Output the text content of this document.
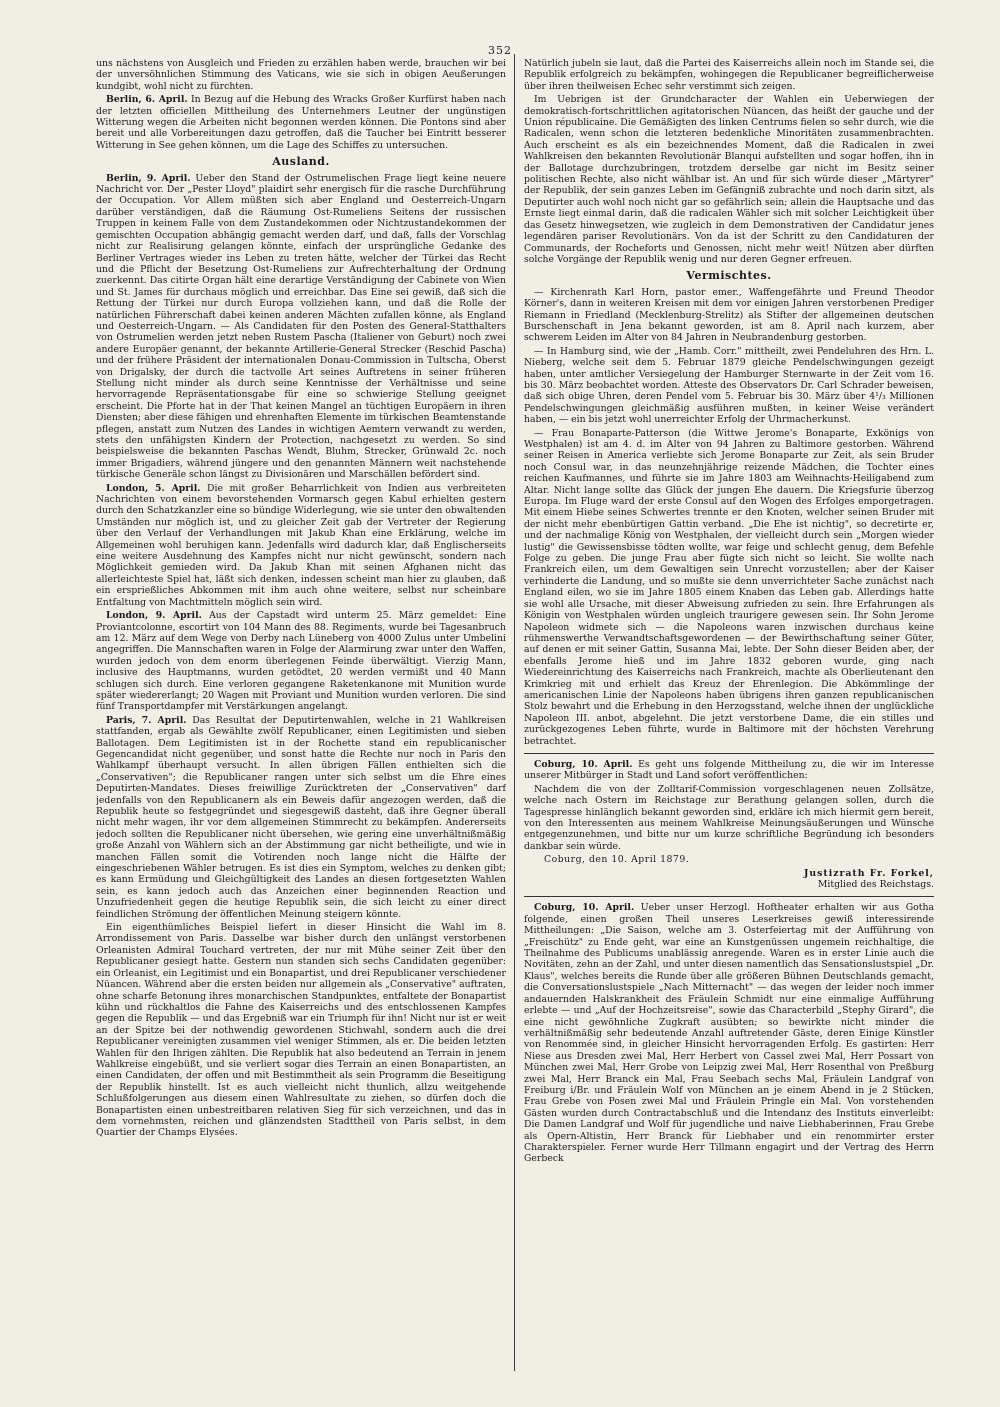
352

uns nächstens von Ausgleich und Frieden zu erzählen haben werde, brauchen wir bei der unversöhnlichen Stimmung des Vaticans, wie sie sich in obigen Aeußerungen kundgibt, wohl nicht zu fürchten.

Berlin, 6. April. In Bezug auf die Hebung des Wracks Großer Kurfürst haben nach der letzten officiellen Mittheilung des Unternehmers Leutner der ungünstigen Witterung wegen die Arbeiten nicht begonnen werden können. Die Pontons sind aber bereit und alle Vorbereitungen dazu getroffen, daß die Taucher bei Eintritt besserer Witterung in See gehen können, um die Lage des Schiffes zu untersuchen.

Ausland.

Berlin, 9. April. Ueber den Stand der Ostrumelischen Frage liegt keine neuere Nachricht vor. Der „Pester Lloyd" plaidirt sehr energisch für die rasche Durchführung der Occupation. Vor Allem müßten sich aber England und Oesterreich-Ungarn darüber verständigen, daß die Räumung Ost-Rumeliens Seitens der russischen Truppen in keinem Falle von dem Zustandekommen oder Nichtzustandekommen der gemischten Occupation abhängig gemacht werden darf, und daß, falls der Vorschlag nicht zur Realisirung gelangen könnte, einfach der ursprüngliche Gedanke des Berliner Vertrages wieder ins Leben zu treten hätte, welcher der Türkei das Recht und die Pflicht der Besetzung Ost-Rumeliens zur Aufrechterhaltung der Ordnung zuerkennt. Das citirte Organ hält eine derartige Verständigung der Cabinete von Wien und St. James für durchaus möglich und erreichbar. Das Eine sei gewiß, daß sich die Rettung der Türkei nur durch Europa vollziehen kann, und daß die Rolle der natürlichen Führerschaft dabei keinen anderen Mächten zufallen könne, als England und Oesterreich-Ungarn. — Als Candidaten für den Posten des General-Statthalters von Ostrumelien werden jetzt neben Rustem Pascha (Italiener von Geburt) noch zwei andere Europäer genannt, der bekannte Artillerie-General Strecker (Reschid Pascha) und der frühere Präsident der internationalen Donau-Commission in Tultscha, Oberst von Drigalsky, der durch die tactvolle Art seines Auftretens in seiner früheren Stellung nicht minder als durch seine Kenntnisse der Verhältnisse und seine hervorragende Repräsentationsgabe für eine so schwierige Stellung geeignet erscheint. Die Pforte hat in der That keinen Mangel an tüchtigen Europäern in ihren Diensten; aber diese fähigen und ehrenhaften Elemente im türkischen Beamtenstande pflegen, anstatt zum Nutzen des Landes in wichtigen Aemtern verwandt zu werden, stets den unfähigsten Kindern der Protection, nachgesetzt zu werden. So sind beispielsweise die bekannten Paschas Wendt, Bluhm, Strecker, Grünwald 2c. noch immer Brigadiers, während jüngere und den genannten Männern weit nachstehende türkische Generäle schon längst zu Divisionären und Marschällen befördert sind.

London, 5. April. Die mit großer Beharrlichkeit von Indien aus verbreiteten Nachrichten von einem bevorstehenden Vormarsch gegen Kabul erhielten gestern durch den Schatzkanzler eine so bündige Widerlegung, wie sie unter den obwaltenden Umständen nur möglich ist, und zu gleicher Zeit gab der Vertreter der Regierung über den Verlauf der Verhandlungen mit Jakub Khan eine Erklärung, welche im Allgemeinen wohl beruhigen kann. Jedenfalls wird dadurch klar, daß Englischerseits eine weitere Ausdehnung des Kampfes nicht nur nicht gewünscht, sondern nach Möglichkeit gemieden wird. Da Jakub Khan mit seinen Afghanen nicht das allerleichteste Spiel hat, läßt sich denken, indessen scheint man hier zu glauben, daß ein ersprießliches Abkommen mit ihm auch ohne weitere, selbst nur scheinbare Entfaltung von Machtmitteln möglich sein wird.

London, 9. April. Aus der Capstadt wird unterm 25. März gemeldet: Eine Proviantcolonne, escortirt von 104 Mann des 88. Regiments, wurde bei Tagesanbruch am 12. März auf dem Wege von Derby nach Lüneberg von 4000 Zulus unter Umbelini angegriffen. Die Mannschaften waren in Folge der Alarmirung zwar unter den Waffen, wurden jedoch von dem enorm überlegenen Feinde überwältigt. Vierzig Mann, inclusive des Hauptmanns, wurden getödtet, 20 werden vermißt und 40 Mann schlugen sich durch. Eine verloren gegangene Raketenkanone mit Munition wurde später wiedererlangt; 20 Wagen mit Proviant und Munition wurden verloren. Die sind fünf Transportdampfer mit Verstärkungen angelangt.

Paris, 7. April. Das Resultat der Deputirtenwahlen, welche in 21 Wahlkreisen stattfanden, ergab als Gewählte zwölf Republicaner, einen Legitimisten und sieben Ballotagen. Dem Legitimisten ist in der Rochette stand ein republicanischer Gegencandidat nicht gegenüber, und sonst hatte die Rechte nur noch in Paris den Wahlkampf überhaupt versucht. In allen übrigen Fällen enthielten sich die „Conservativen"; die Republicaner rangen unter sich selbst um die Ehre eines Deputirten-Mandates. Dieses freiwillige Zurücktreten der „Conservativen" darf jedenfalls von den Republicanern als ein Beweis dafür angezogen werden, daß die Republik heute so festgegründet und siegesgewiß dasteht, daß ihre Gegner überall nicht mehr wagen, ihr vor dem allgemeinen Stimmrecht zu bekämpfen. Andererseits jedoch sollten die Republicaner nicht übersehen, wie gering eine unverhältnißmäßig große Anzahl von Wählern sich an der Abstimmung gar nicht betheiligte, und wie in manchen Fällen somit die Votirenden noch lange nicht die Hälfte der eingeschriebenen Wähler betrugen. Es ist dies ein Symptom, welches zu denken gibt; es kann Ermüdung und Gleichgültigkeit des Landes an diesen fortgesetzten Wahlen sein, es kann jedoch auch das Anzeichen einer beginnenden Reaction und Unzufriedenheit gegen die heutige Republik sein, die sich leicht zu einer direct feindlichen Strömung der öffentlichen Meinung steigern könnte.

Ein eigenthümliches Beispiel liefert in dieser Hinsicht die Wahl im 8. Arrondissement von Paris. Dasselbe war bisher durch den unlängst verstorbenen Orleanisten Admiral Touchard vertreten, der nur mit Mühe seiner Zeit über den Republicaner gesiegt hatte. Gestern nun standen sich sechs Candidaten gegenüber: ein Orleanist, ein Legitimist und ein Bonapartist, und drei Republicaner verschiedener Nüancen. Während aber die ersten beiden nur allgemein als „Conservative" auftraten, ohne scharfe Betonung ihres monarchischen Standpunktes, entfaltete der Bonapartist kühn und rückhaltlos die Fahne des Kaiserreichs und des entschlossenen Kampfes gegen die Republik — und das Ergebniß war ein Triumph für ihn! Nicht nur ist er weit an der Spitze bei der nothwendig gewordenen Stichwahl, sondern auch die drei Republicaner vereinigten zusammen viel weniger Stimmen, als er. Die beiden letzten Wahlen für den Ihrigen zählten. Die Republik hat also bedeutend an Terrain in jenem Wahlkreise eingebüßt, und sie verliert sogar dies Terrain an einen Bonapartisten, an einen Candidaten, der offen und mit Bestimmtheit als sein Programm die Beseitigung der Republik hinstellt. Ist es auch vielleicht nicht thunlich, allzu weitgehende Schlußfolgerungen aus diesem einen Wahlresultate zu ziehen, so dürfen doch die Bonapartisten einen unbestreitbaren relativen Sieg für sich verzeichnen, und das in dem vornehmsten, reichen und glänzendsten Stadttheil von Paris selbst, in dem Quartier der Champs Elysées.

Natürlich jubeln sie laut, daß die Partei des Kaiserreichs allein noch im Stande sei, die Republik erfolgreich zu bekämpfen, wohingegen die Republicaner begreiflicherweise über ihren theilweisen Echec sehr verstimmt sich zeigen.

Im Uebrigen ist der Grundcharacter der Wahlen ein Ueberwiegen der demokratisch-fortschrittlichen agitatorischen Nüancen, das heißt der gauche und der Union républicaine. Die Gemäßigten des linken Centrums fielen so sehr durch, wie die Radicalen, wenn schon die letzteren bedenkliche Minoritäten zusammenbrachten. Auch erscheint es als ein bezeichnendes Moment, daß die Radicalen in zwei Wahlkreisen den bekannten Revolutionär Blanqui aufstellten und sogar hoffen, ihn in der Ballotage durchzubringen, trotzdem derselbe gar nicht im Besitz seiner politischen Rechte, also nicht wählbar ist. An und für sich würde dieser „Märtyrer" der Republik, der sein ganzes Leben im Gefängniß zubrachte und noch darin sitzt, als Deputirter auch wohl noch nicht gar so gefährlich sein; allein die Hauptsache und das Ernste liegt einmal darin, daß die radicalen Wähler sich mit solcher Leichtigkeit über das Gesetz hinwegsetzen, wie zugleich in dem Demonstrativen der Candidatur jenes legendären pariser Revolutionärs. Von da ist der Schritt zu den Candidaturen der Communards, der Rocheforts und Genossen, nicht mehr weit! Nützen aber dürften solche Vorgänge der Republik wenig und nur deren Gegner erfreuen.

Vermischtes.

— Kirchenrath Karl Horn, pastor emer., Waffengefährte und Freund Theodor Körner's, dann in weiteren Kreisen mit dem vor einigen Jahren verstorbenen Prediger Riemann in Friedland (Mecklenburg-Strelitz) als Stifter der allgemeinen deutschen Burschenschaft in Jena bekannt geworden, ist am 8. April nach kurzem, aber schwerem Leiden im Alter von 84 Jahren in Neubrandenburg gestorben.

— In Hamburg sind, wie der „Hamb. Corr." mittheilt, zwei Pendeluhren des Hrn. L. Nieberg, welche seit dem 5. Februar 1879 gleiche Pendelschwingungen gezeigt haben, unter amtlicher Versiegelung der Hamburger Sternwarte in der Zeit vom 16. bis 30. März beobachtet worden. Atteste des Observators Dr. Carl Schrader beweisen, daß sich obige Uhren, deren Pendel vom 5. Februar bis 30. März über 4¹/₃ Millionen Pendelschwingungen gleichmäßig ausführen mußten, in keiner Weise verändert haben, — ein bis jetzt wohl unerreichter Erfolg der Uhrmacherkunst.

— Frau Bonaparte-Patterson (die Wittwe Jerome's Bonaparte, Exkönigs von Westphalen) ist am 4. d. im Alter von 94 Jahren zu Baltimore gestorben. Während seiner Reisen in America verliebte sich Jerome Bonaparte zur Zeit, als sein Bruder noch Consul war, in das neunzehnjährige reizende Mädchen, die Tochter eines reichen Kaufmannes, und führte sie im Jahre 1803 am Weihnachts-Heiligabend zum Altar. Nicht lange sollte das Glück der jungen Ehe dauern. Die Kriegsfurie überzog Europa. Im Fluge ward der erste Consul auf den Wogen des Erfolges emporgetragen. Mit einem Hiebe seines Schwertes trennte er den Knoten, welcher seinen Bruder mit der nicht mehr ebenbürtigen Gattin verband. „Die Ehe ist nichtig", so decretirte er, und der nachmalige König von Westphalen, der vielleicht durch sein „Morgen wieder lustig" die Gewissensbisse tödten wollte, war feige und schlecht genug, dem Befehle Folge zu geben. Die junge Frau aber fügte sich nicht so leicht. Sie wollte nach Frankreich eilen, um dem Gewaltigen sein Unrecht vorzustellen; aber der Kaiser verhinderte die Landung, und so mußte sie denn unverrichteter Sache zunächst nach England eilen, wo sie im Jahre 1805 einem Knaben das Leben gab. Allerdings hatte sie wohl alle Ursache, mit dieser Abweisung zufrieden zu sein. Ihre Erfahrungen als Königin von Westphalen würden ungleich traurigere gewesen sein. Ihr Sohn Jerome Napoleon widmete sich — die Napoleons waren inzwischen durchaus keine rühmenswerthe Verwandtschaftsgewordenen — der Bewirthschaftung seiner Güter, auf denen er mit seiner Gattin, Susanna Mai, lebte. Der Sohn dieser Beiden aber, der ebenfalls Jerome hieß und im Jahre 1832 geboren wurde, ging nach Wiedereinrichtung des Kaiserreichs nach Frankreich, machte als Oberlieutenant den Krimkrieg mit und erhielt das Kreuz der Ehrenlegion. Die Abkömmlinge der americanischen Linie der Napoleons haben übrigens ihren ganzen republicanischen Stolz bewahrt und die Erhebung in den Herzogsstand, welche ihnen der unglückliche Napoleon III. anbot, abgelehnt. Die jetzt verstorbene Dame, die ein stilles und zurückgezogenes Leben führte, wurde in Baltimore mit der höchsten Verehrung betrachtet.

Coburg, 10. April. Es geht uns folgende Mittheilung zu, die wir im Interesse unserer Mitbürger in Stadt und Land sofort veröffentlichen:

Nachdem die von der Zolltarif-Commission vorgeschlagenen neuen Zollsätze, welche nach Ostern im Reichstage zur Berathung gelangen sollen, durch die Tagespresse hinlänglich bekannt geworden sind, erkläre ich mich hiermit gern bereit, von den Interessenten aus meinem Wahlkreise Meinungsäußerungen und Wünsche entgegenzunehmen, und bitte nur um kurze schriftliche Begründung ich besonders dankbar sein würde.

Coburg, den 10. April 1879.

Justizrath Fr. Forkel,
Mitglied des Reichstags.

Coburg, 10. April. Ueber unser Herzogl. Hoftheater erhalten wir aus Gotha folgende, einen großen Theil unseres Leserkreises gewiß interessirende Mittheilungen: „Die Saison, welche am 3. Osterfeiertag mit der Aufführung von „Freischütz" zu Ende geht, war eine an Kunstgenüssen ungemein reichhaltige, die Theilnahme des Publicums unablässig anregende. Waren es in erster Linie auch die Novitäten, zehn an der Zahl, und unter diesen namentlich das Sensationslustspiel „Dr. Klaus", welches bereits die Runde über alle größeren Bühnen Deutschlands gemacht, die Conversationslustspiele „Nach Mitternacht" — das wegen der leider noch immer andauernden Halskrankheit des Fräulein Schmidt nur eine einmalige Aufführung erlebte — und „Auf der Hochzeitsreise", sowie das Characterbild „Stephy Girard", die eine nicht gewöhnliche Zugkraft ausübten; so bewirkte nicht minder die verhältnißmäßig sehr bedeutende Anzahl auftretender Gäste, deren Einige Künstler von Renommée sind, in gleicher Hinsicht hervorragenden Erfolg. Es gastirten: Herr Niese aus Dresden zwei Mal, Herr Herbert von Cassel zwei Mal, Herr Possart von München zwei Mal, Herr Grobe von Leipzig zwei Mal, Herr Rosenthal von Preßburg zwei Mal, Herr Branck ein Mal, Frau Seebach sechs Mal, Fräulein Landgraf von Freiburg i/Br. und Fräulein Wolf von München an je einem Abend in je 2 Stücken, Frau Grebe von Posen zwei Mal und Fräulein Pringle ein Mal. Von vorstehenden Gästen wurden durch Contractabschluß und die Intendanz des Instituts einverleibt: Die Damen Landgraf und Wolf für jugendliche und naive Liebhaberinnen, Frau Grebe als Opern-Altistin, Herr Branck für Liebhaber und ein renommirter erster Charakterspieler. Ferner wurde Herr Tillmann engagirt und der Vertrag des Herrn Gerbeck
